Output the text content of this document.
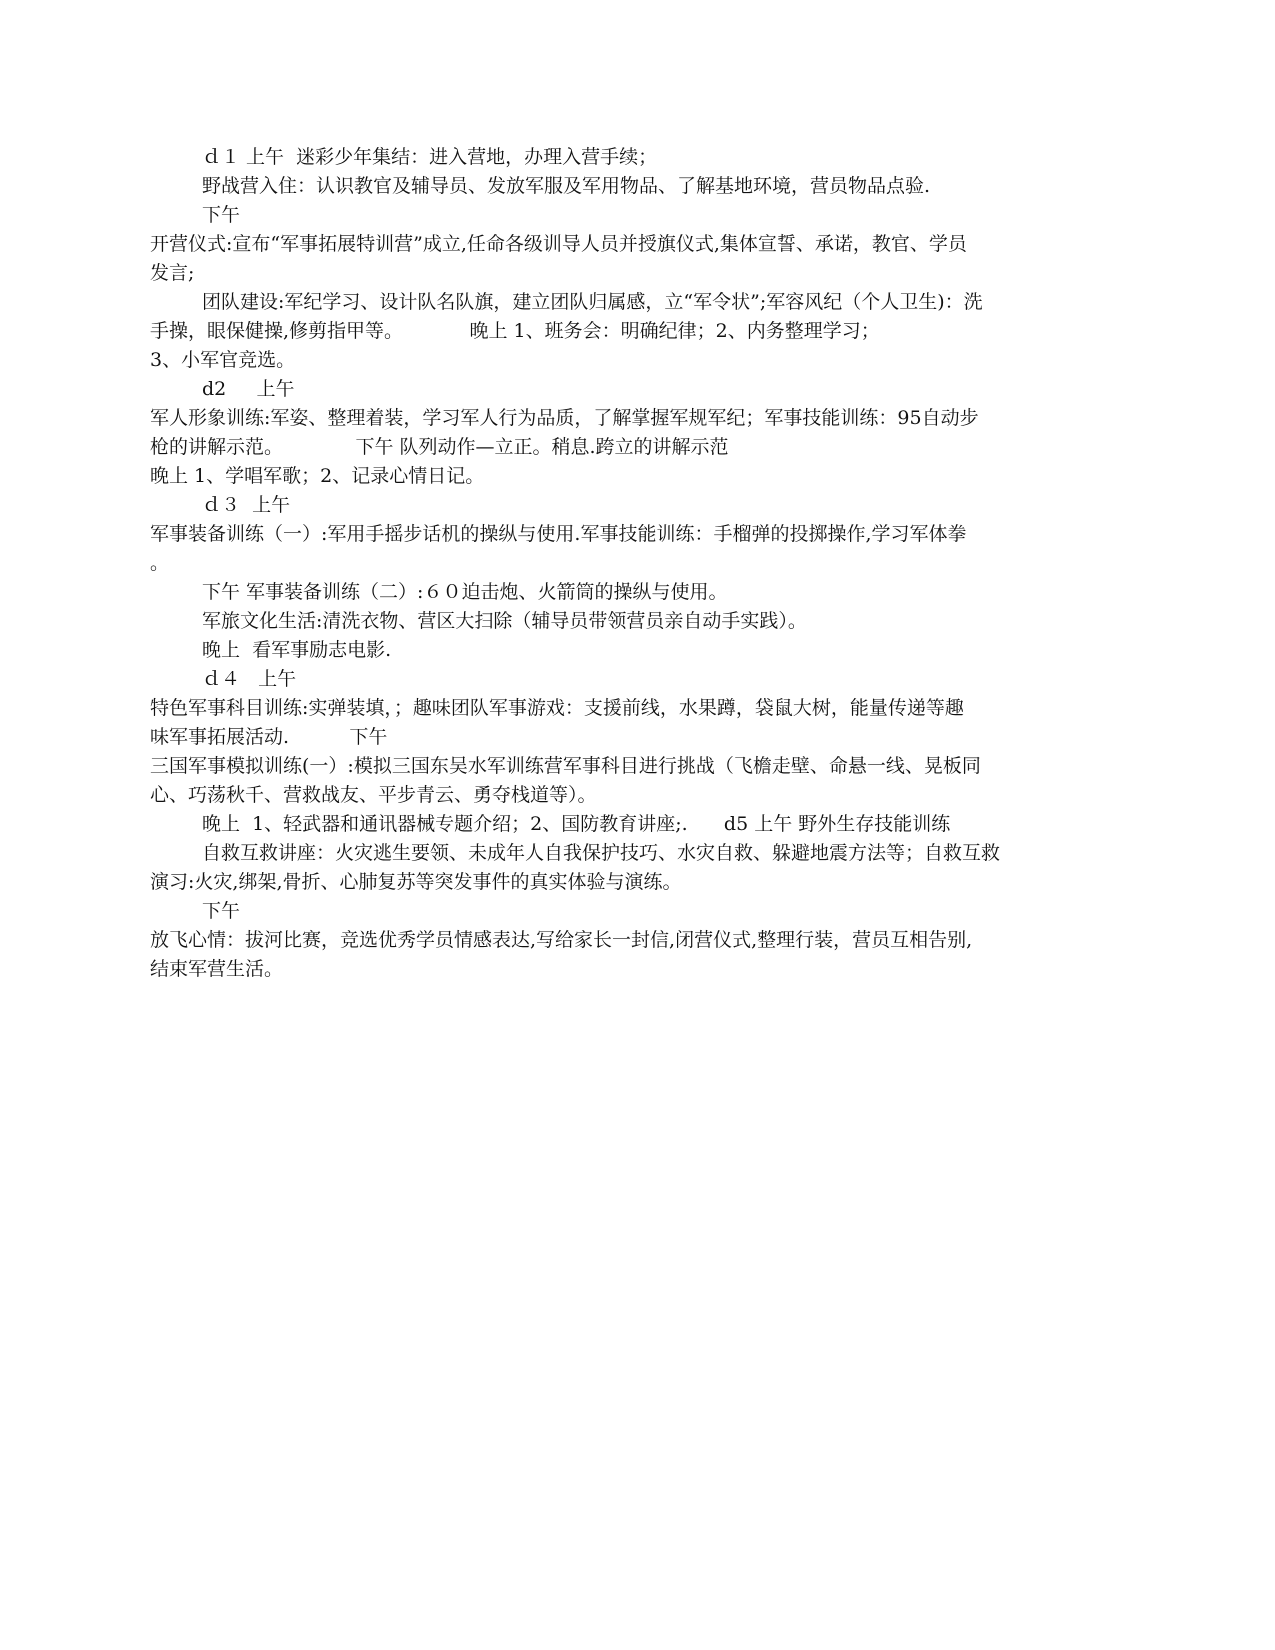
ｄ１ 上午  迷彩少年集结：进入营地，办理入营手续；
野战营入住：认识教官及辅导员、发放军服及军用物品、了解基地环境，营员物品点验.
下午
开营仪式:宣布“军事拓展特训营”成立,任命各级训导人员并授旗仪式,集体宣誓、承诺，教官、学员
发言;
团队建设:军纪学习、设计队名队旗，建立团队归属感，立“军令状”;军容风纪（个人卫生)：洗
手操，眼保健操,修剪指甲等。           晚上 1、班务会：明确纪律；2、内务整理学习；
3、小军官竞选。
d2     上午
军人形象训练:军姿、整理着装，学习军人行为品质，了解掌握军规军纪；军事技能训练：95自动步
枪的讲解示范。            下午 队列动作—立正。稍息.跨立的讲解示范
晚上 1、学唱军歌；2、记录心情日记。
ｄ３  上午
军事装备训练（一）:军用手摇步话机的操纵与使用.军事技能训练：手榴弹的投掷操作,学习军体拳
。
下午 军事装备训练（二）:６０迫击炮、火箭筒的操纵与使用。
军旅文化生活:清洗衣物、营区大扫除（辅导员带领营员亲自动手实践）。
晚上  看军事励志电影.
ｄ４   上午
特色军事科目训练:实弹装填，；趣味团队军事游戏：支援前线，水果蹲，袋鼠大树，能量传递等趣
味军事拓展活动.          下午
三国军事模拟训练(一）:模拟三国东吴水军训练营军事科目进行挑战（飞檐走壁、命悬一线、晃板同
心、巧荡秋千、营救战友、平步青云、勇夺栈道等）。
晚上  1、轻武器和通讯器械专题介绍；2、国防教育讲座;.      d5 上午 野外生存技能训练
自救互救讲座：火灾逃生要领、未成年人自我保护技巧、水灾自救、躲避地震方法等；自救互救
演习:火灾,绑架,骨折、心肺复苏等突发事件的真实体验与演练。
下午
放飞心情：拔河比赛，竞选优秀学员情感表达,写给家长一封信,闭营仪式,整理行装，营员互相告别,
结束军营生活。
